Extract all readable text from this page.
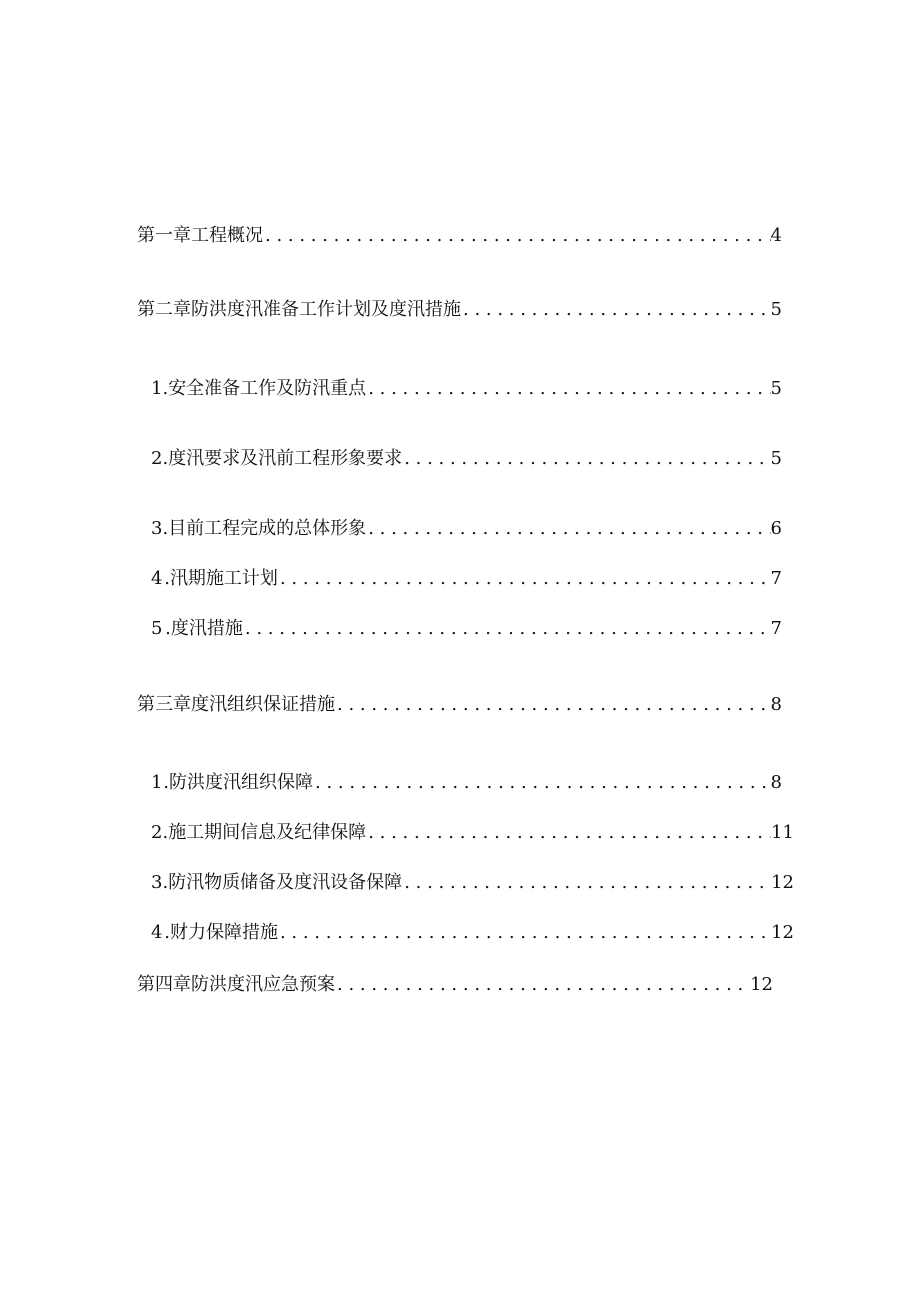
第一章工程概况 . . .	4
第二章防洪度汛准备工作计划及度汛措施 . . .	5
1 . 安全准备工作及防汛重点 . . .	5
2 . 度汛要求及汛前工程形象要求 . . .	5
3 . 目前工程完成的总体形象 . . .	6
4 . 汛期施工计划 . . .	7
5 . 度汛措施 . . .	7
第三章度汛组织保证措施 . . .	8
1 . 防洪度汛组织保障 . . .	8
2 . 施工期间信息及纪律保障 . . .	11
3 . 防汛物质储备及度汛设备保障 . . .	12
4 . 财力保障措施 . . .	12
第四章防洪度汛应急预案 . . .	12
